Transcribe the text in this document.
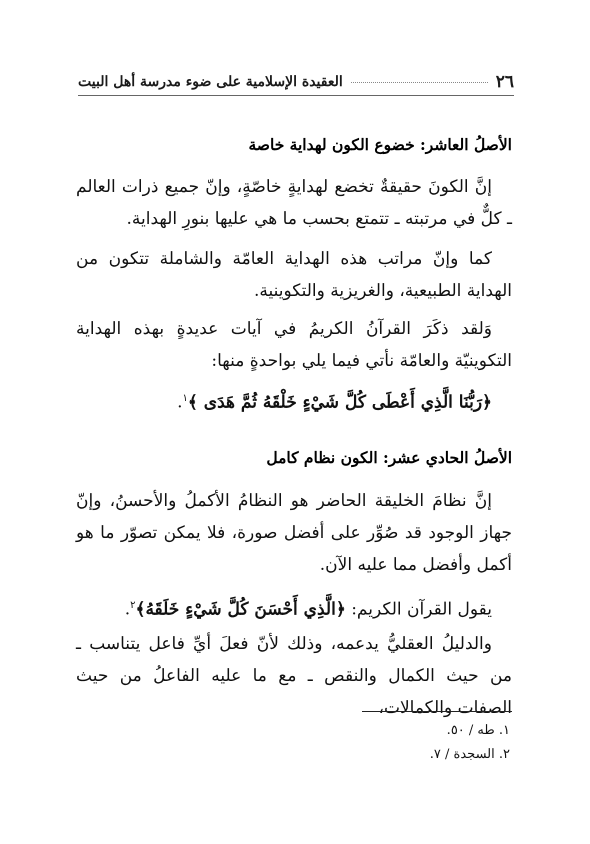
٢٦
العقيدة الإسلامية على ضوء مدرسة أهل البيت
الأصلُ العاشر: خضوع الكون لهداية خاصة
إنَّ الكونَ حقيقةٌ تخضع لهدايةٍ خاصّةٍ، وإنّ جميع ذرات العالم ـ كلٌّ في مرتبته ـ تتمتع بحسب ما هي عليها بنورِ الهداية.
كما وإنّ مراتب هذه الهداية العامّة والشاملة تتكون من الهداية الطبيعية، والغريزية والتكوينية.
وَلقد ذكَرَ القرآنُ الكريمُ في آيات عديدةٍ بهذه الهداية التكوينيّة والعامّة نأتي فيما يلي بواحدةٍ منها:
﴿رَبُّنَا الَّذِي أَعْطَى كُلَّ شَيْءٍ خَلْقَهُ ثُمَّ هَدَى ﴾$^١$.
الأصلُ الحادي عشر: الكون نظام كامل
إنَّ نظامَ الخليقة الحاضر هو النظامُ الأكملُ والأحسنُ، وإنّ جهاز الوجود قد صُوِّر على أفضل صورة، فلا يمكن تصوّر ما هو أكمل وأفضل مما عليه الآن.
يقول القرآن الكريم: ﴿الَّذِي أَحْسَنَ كُلَّ شَيْءٍ خَلَقَهُ﴾$^٢$.
والدليلُ العقليُّ يدعمه، وذلك لأنّ فعلَ أيِّ فاعل يتناسب ـ من حيث الكمال والنقص ـ مع ما عليه الفاعلُ من حيث الصفات والكمالات،
١. طه / ٥٠.
٢. السجدة / ٧.
